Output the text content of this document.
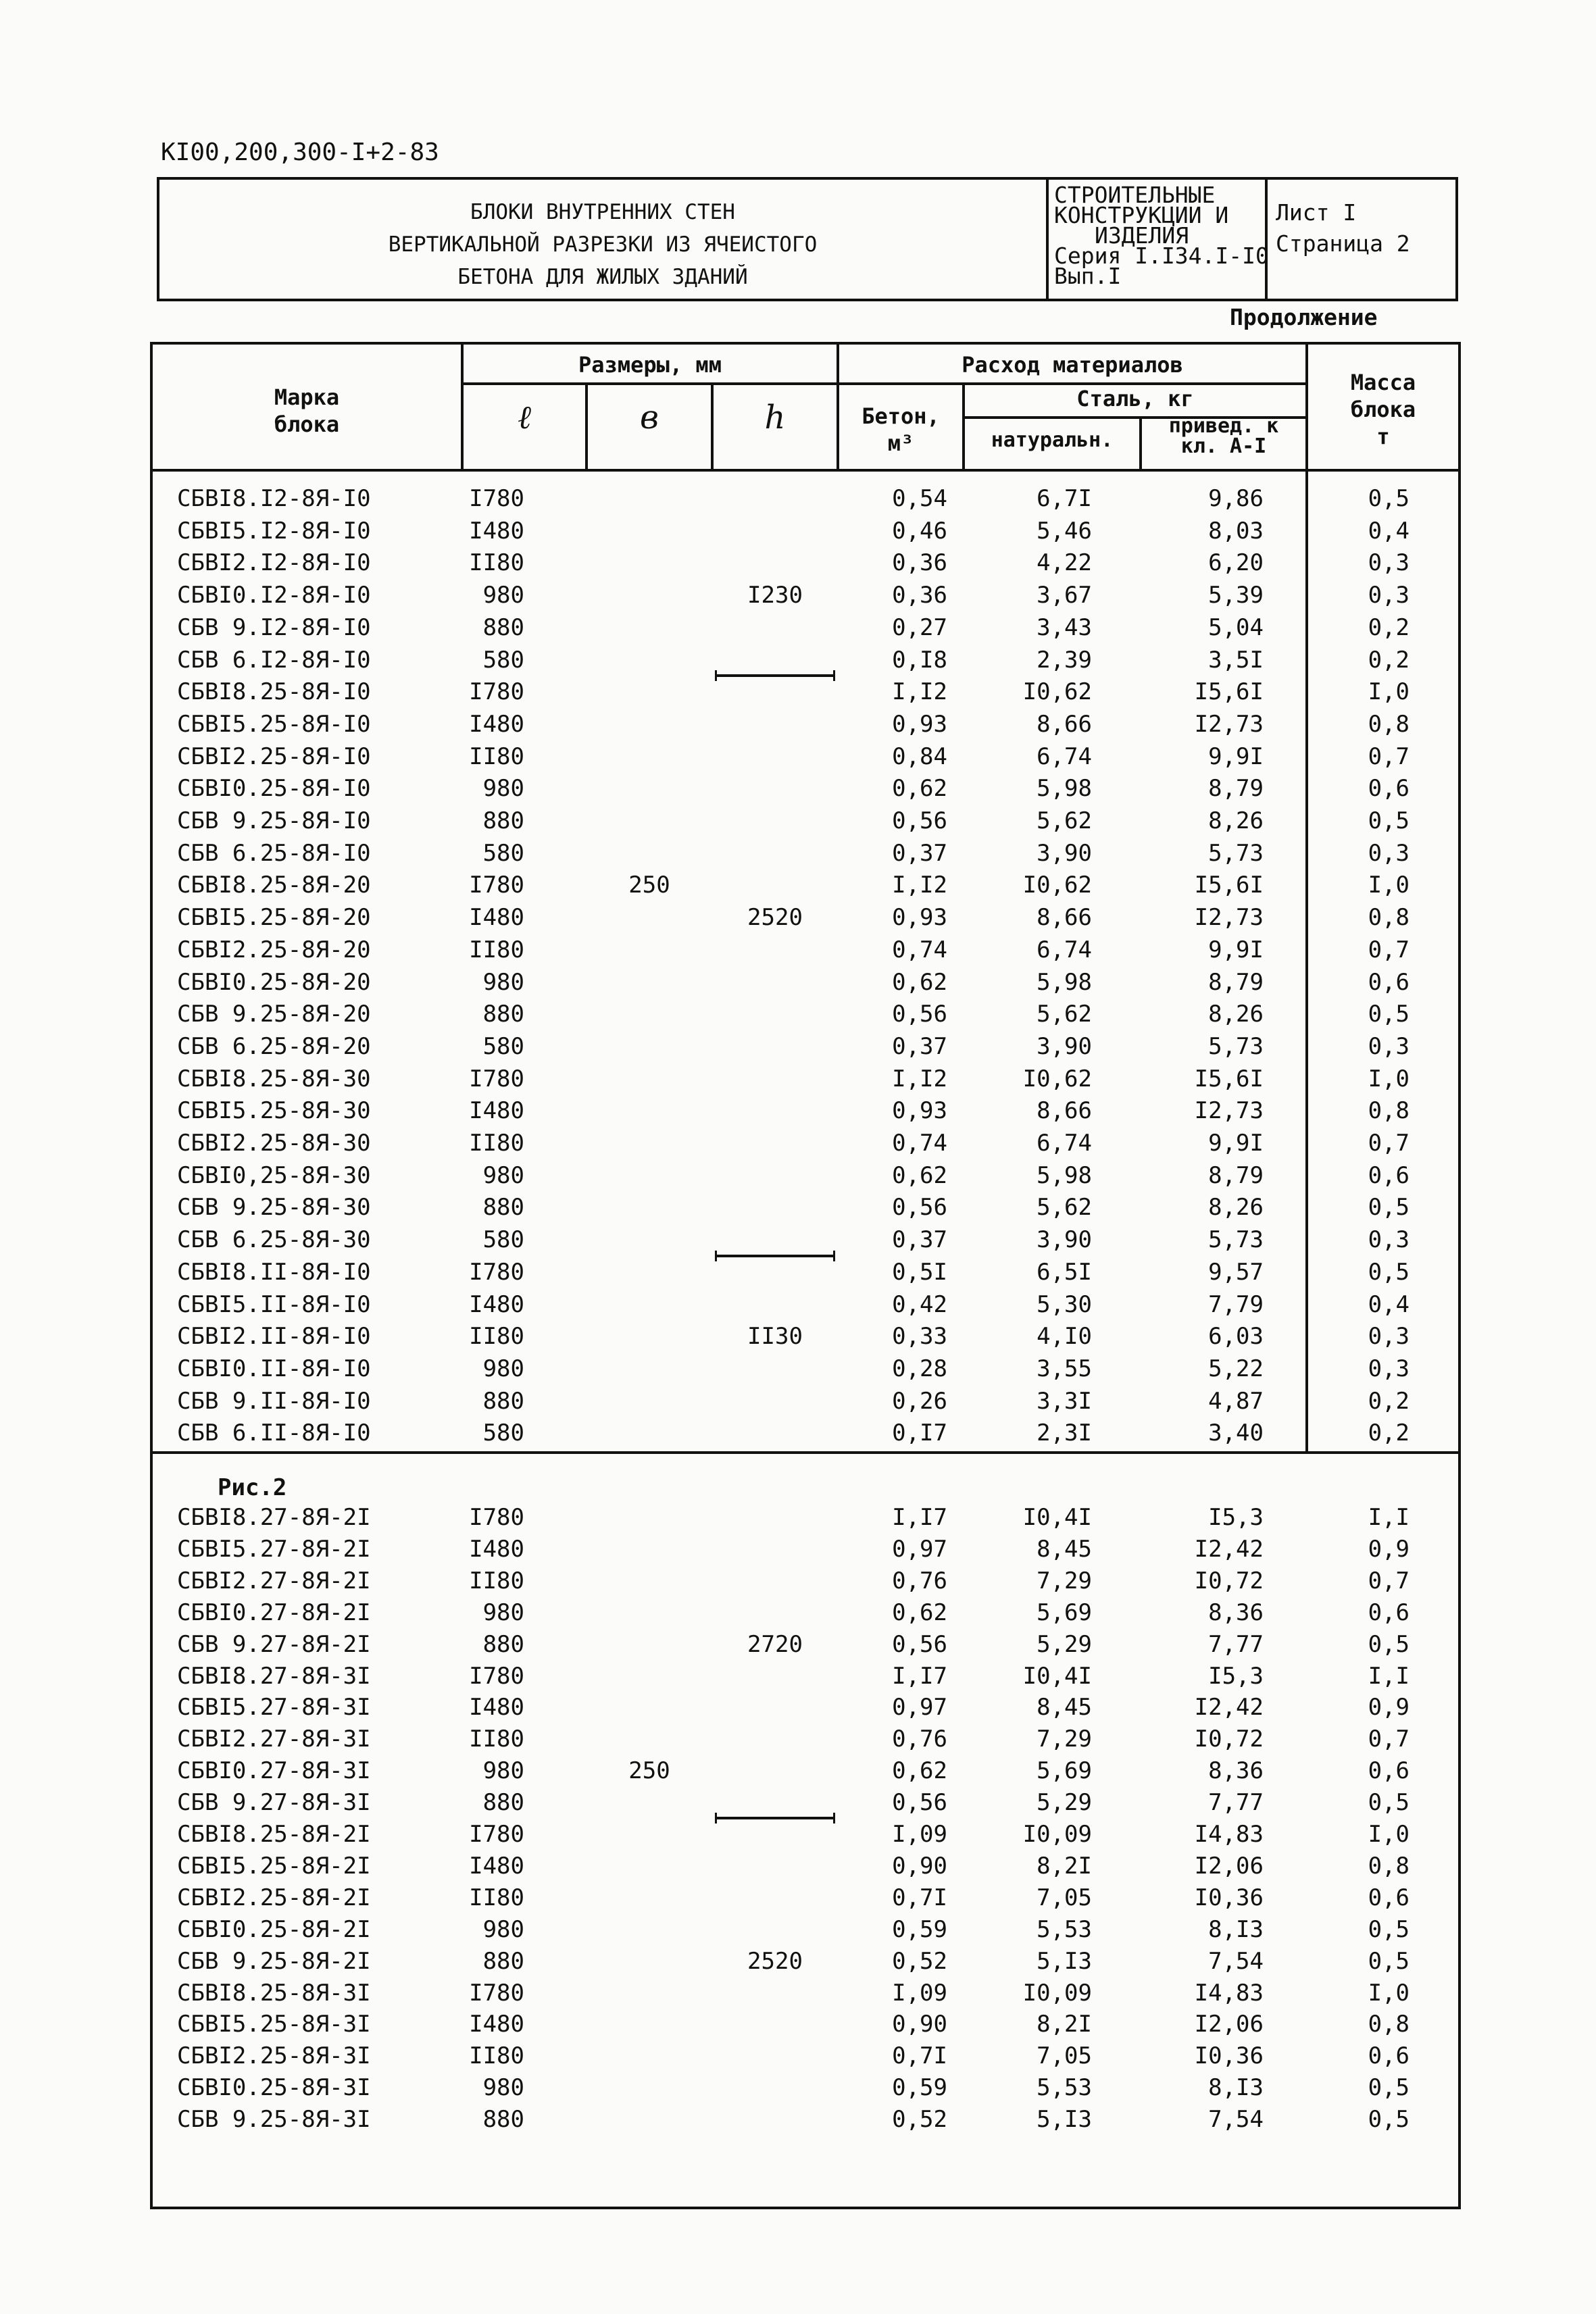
KI00,200,300-I+2-83
БЛОКИ ВНУТРЕННИХ СТЕН
ВЕРТИКАЛЬНОЙ РАЗРЕЗКИ ИЗ ЯЧЕИСТОГО
БЕТОНА ДЛЯ ЖИЛЫХ ЗДАНИЙ
СТРОИТЕЛЬНЫЕ
КОНСТРУКЦИИ И
ИЗДЕЛИЯ
Серия I.I34.I-I0
Вып.I
Лист I
Страница 2
Продолжение
Марка
блока
Размеры, мм
ℓ	в	h
Расход материалов
Бетон,
м³
Сталь, кг
натуральн.
привед. к
кл. А-I
Масса
блока
т
Рис.2
СБВI8.I2-8Я-I0	I780	0,54	6,7I	9,86	0,5
СБВI5.I2-8Я-I0	I480	0,46	5,46	8,03	0,4
СБВI2.I2-8Я-I0	II80	0,36	4,22	6,20	0,3
СБВI0.I2-8Я-I0	980	0,36	3,67	5,39	0,3
СБВ 9.I2-8Я-I0	880	0,27	3,43	5,04	0,2
СБВ 6.I2-8Я-I0	580	0,I8	2,39	3,5I	0,2
СБВI8.25-8Я-I0	I780	I,I2	I0,62	I5,6I	I,0
СБВI5.25-8Я-I0	I480	0,93	8,66	I2,73	0,8
СБВI2.25-8Я-I0	II80	0,84	6,74	9,9I	0,7
СБВI0.25-8Я-I0	980	0,62	5,98	8,79	0,6
СБВ 9.25-8Я-I0	880	0,56	5,62	8,26	0,5
СБВ 6.25-8Я-I0	580	0,37	3,90	5,73	0,3
СБВI8.25-8Я-20	I780	I,I2	I0,62	I5,6I	I,0
СБВI5.25-8Я-20	I480	0,93	8,66	I2,73	0,8
СБВI2.25-8Я-20	II80	0,74	6,74	9,9I	0,7
СБВI0.25-8Я-20	980	0,62	5,98	8,79	0,6
СБВ 9.25-8Я-20	880	0,56	5,62	8,26	0,5
СБВ 6.25-8Я-20	580	0,37	3,90	5,73	0,3
СБВI8.25-8Я-30	I780	I,I2	I0,62	I5,6I	I,0
СБВI5.25-8Я-30	I480	0,93	8,66	I2,73	0,8
СБВI2.25-8Я-30	II80	0,74	6,74	9,9I	0,7
СБВI0,25-8Я-30	980	0,62	5,98	8,79	0,6
СБВ 9.25-8Я-30	880	0,56	5,62	8,26	0,5
СБВ 6.25-8Я-30	580	0,37	3,90	5,73	0,3
СБВI8.II-8Я-I0	I780	0,5I	6,5I	9,57	0,5
СБВI5.II-8Я-I0	I480	0,42	5,30	7,79	0,4
СБВI2.II-8Я-I0	II80	0,33	4,I0	6,03	0,3
СБВI0.II-8Я-I0	980	0,28	3,55	5,22	0,3
СБВ 9.II-8Я-I0	880	0,26	3,3I	4,87	0,2
СБВ 6.II-8Я-I0	580	0,I7	2,3I	3,40	0,2
250
I230
2520
II30
СБВI8.27-8Я-2I	I780	I,I7	I0,4I	I5,3	I,I
СБВI5.27-8Я-2I	I480	0,97	8,45	I2,42	0,9
СБВI2.27-8Я-2I	II80	0,76	7,29	I0,72	0,7
СБВI0.27-8Я-2I	980	0,62	5,69	8,36	0,6
СБВ 9.27-8Я-2I	880	0,56	5,29	7,77	0,5
СБВI8.27-8Я-3I	I780	I,I7	I0,4I	I5,3	I,I
СБВI5.27-8Я-3I	I480	0,97	8,45	I2,42	0,9
СБВI2.27-8Я-3I	II80	0,76	7,29	I0,72	0,7
СБВI0.27-8Я-3I	980	0,62	5,69	8,36	0,6
СБВ 9.27-8Я-3I	880	0,56	5,29	7,77	0,5
СБВI8.25-8Я-2I	I780	I,09	I0,09	I4,83	I,0
СБВI5.25-8Я-2I	I480	0,90	8,2I	I2,06	0,8
СБВI2.25-8Я-2I	II80	0,7I	7,05	I0,36	0,6
СБВI0.25-8Я-2I	980	0,59	5,53	8,I3	0,5
СБВ 9.25-8Я-2I	880	0,52	5,I3	7,54	0,5
СБВI8.25-8Я-3I	I780	I,09	I0,09	I4,83	I,0
СБВI5.25-8Я-3I	I480	0,90	8,2I	I2,06	0,8
СБВI2.25-8Я-3I	II80	0,7I	7,05	I0,36	0,6
СБВI0.25-8Я-3I	980	0,59	5,53	8,I3	0,5
СБВ 9.25-8Я-3I	880	0,52	5,I3	7,54	0,5
250
2720
2520
